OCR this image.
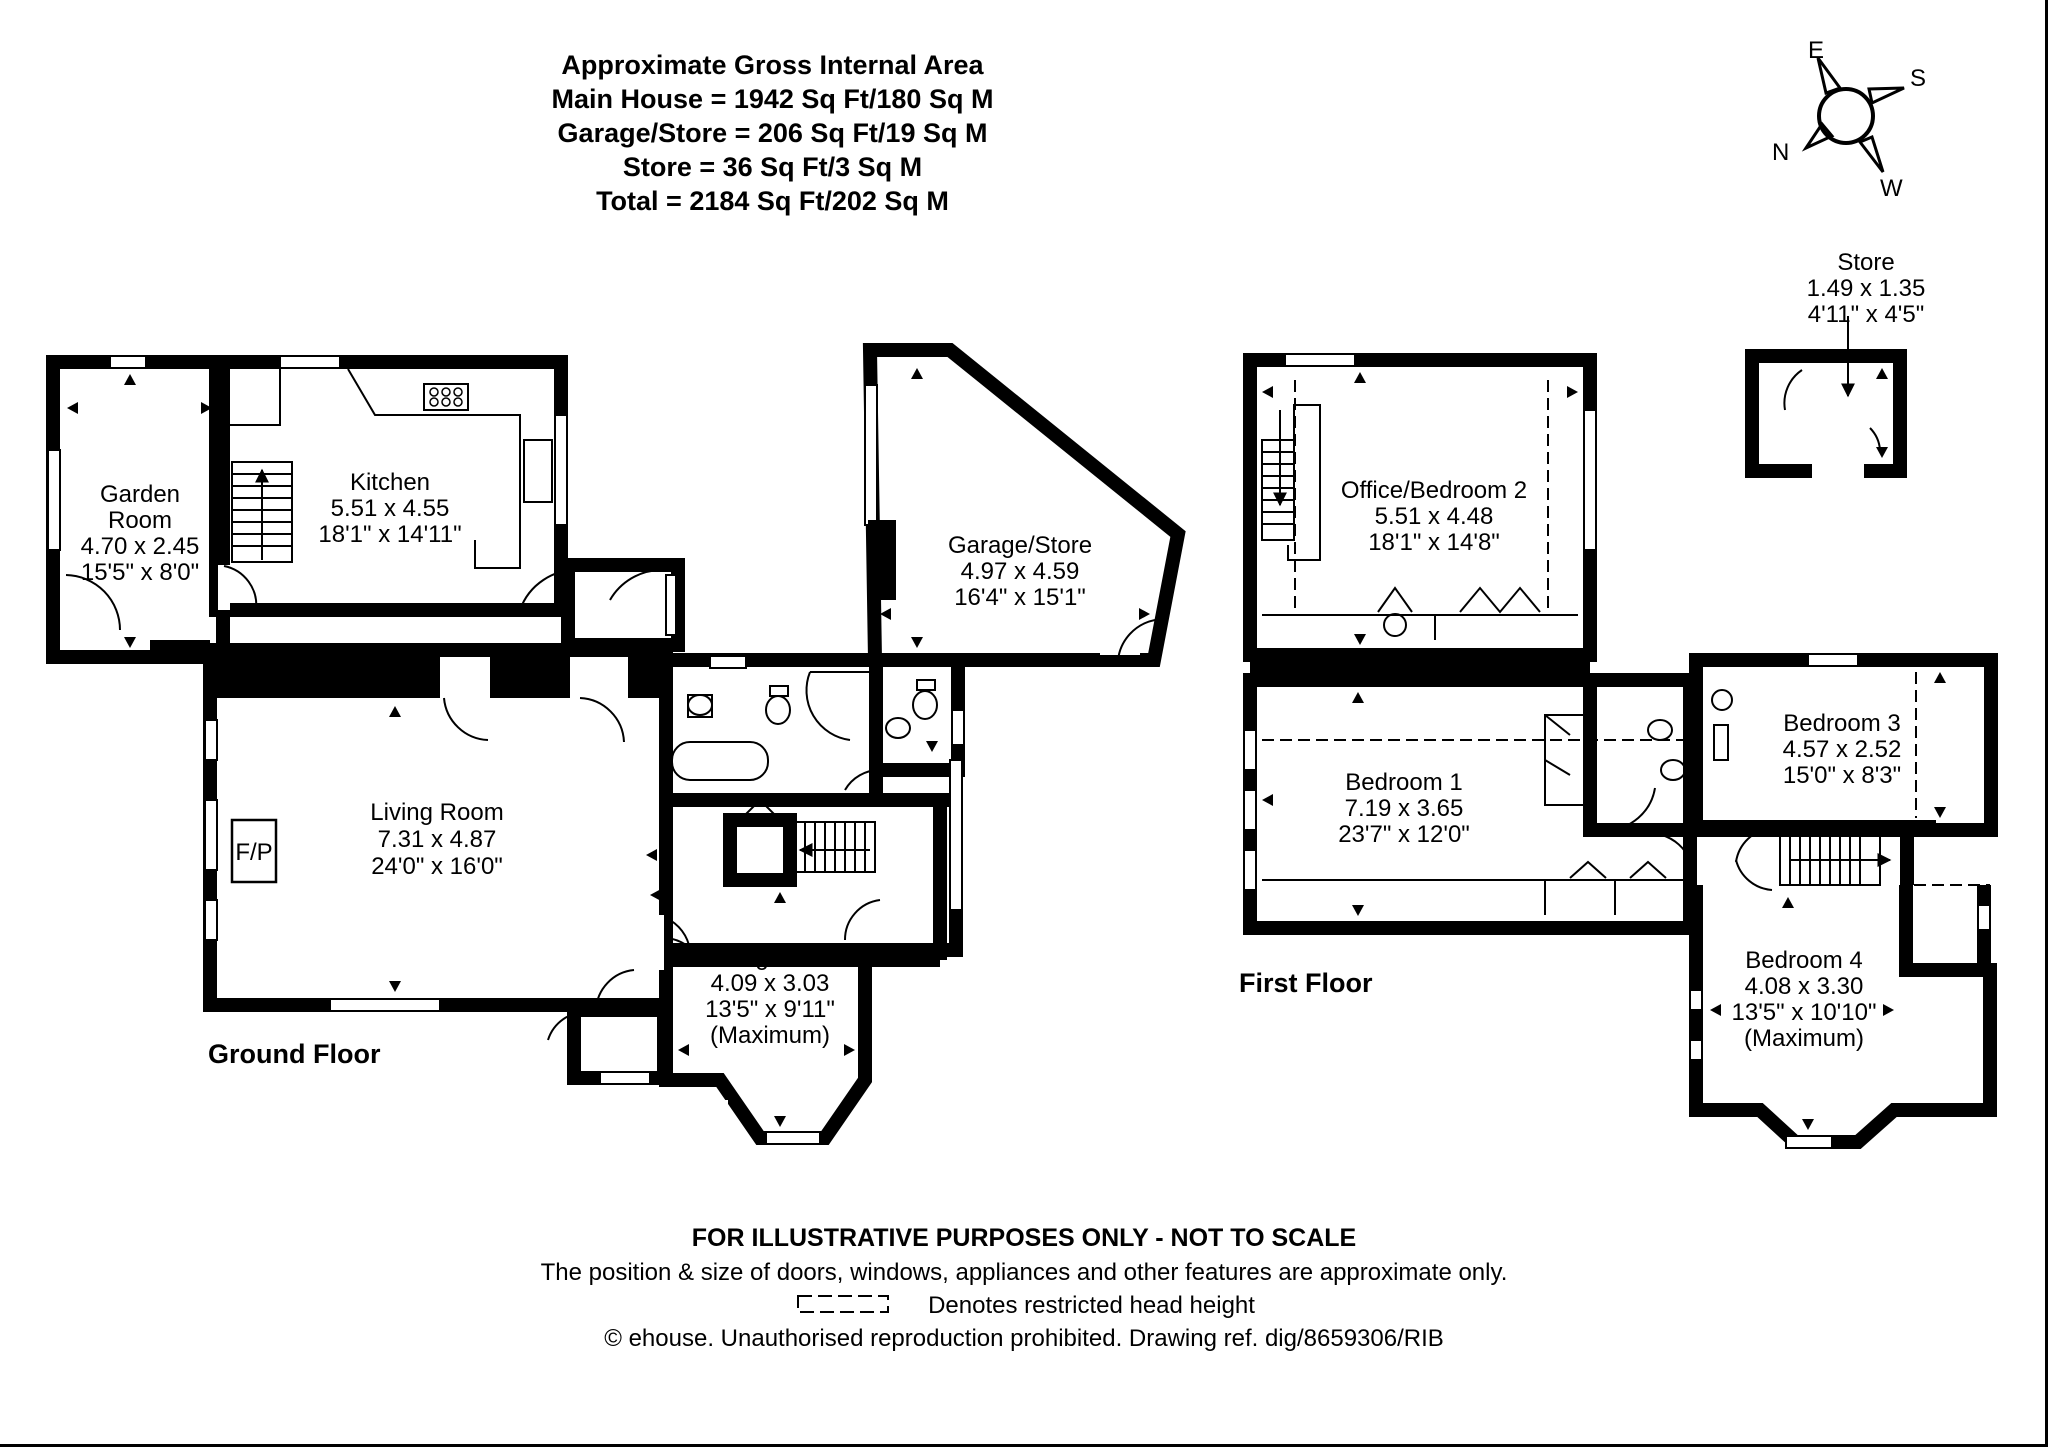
Approximate Gross Internal Area
Main House = 1942 Sq Ft/180 Sq M
Garage/Store = 206 Sq Ft/19 Sq M
Store = 36 Sq Ft/3 Sq M
Total = 2184 Sq Ft/202 Sq M
E
S
N
W
Garden
Room
4.70 x 2.45
15'5" x 8'0"
Kitchen
5.51 x 4.55
18'1" x 14'11"	Garage/Store
4.97 x 4.59
16'4" x 15'1"
Living Room
7.31 x 4.87
24'0" x 16'0"
F/P
Dining Room
4.09 x 3.03
13'5" x 9'11"
(Maximum)
Office/Bedroom 2
5.51 x 4.48
18'1" x 14'8"
Bedroom 1
7.19 x 3.65
23'7" x 12'0"
Bedroom 3
4.57 x 2.52
15'0" x 8'3"
Bedroom 4
4.08 x 3.30
13'5" x 10'10"
(Maximum)
Store
1.49 x 1.35
4'11" x 4'5"
Ground Floor
First Floor
FOR ILLUSTRATIVE PURPOSES ONLY - NOT TO SCALE
The position & size of doors, windows, appliances and other features are approximate only.
Denotes restricted head height
© ehouse. Unauthorised reproduction prohibited. Drawing ref. dig/8659306/RIB
